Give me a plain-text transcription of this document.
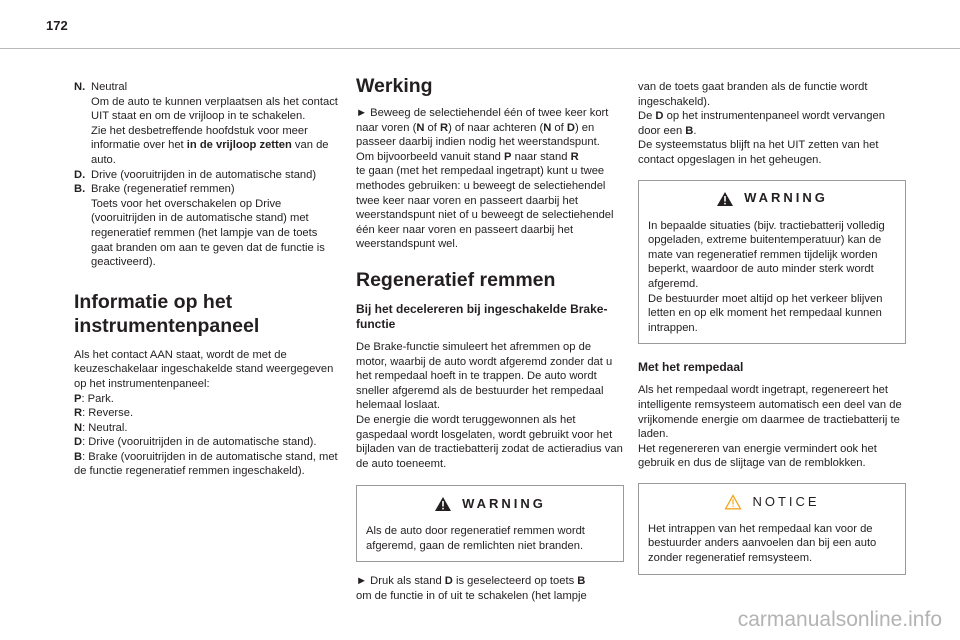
172
N. Neutral

Om de auto te kunnen verplaatsen als het contact UIT staat en om de vrijloop in te schakelen.

Zie het desbetreffende hoofdstuk voor meer informatie over het in de vrijloop zetten van de auto.

D. Drive (vooruitrijden in de automatische stand)

B. Brake (regeneratief remmen)

Toets voor het overschakelen op Drive (vooruitrijden in de automatische stand) met regeneratief remmen (het lampje van de toets gaat branden om aan te geven dat de functie is geactiveerd).

Informatie op het instrumentenpaneel

Als het contact AAN staat, wordt de met de keuzeschakelaar ingeschakelde stand weergegeven op het instrumentenpaneel:

P: Park.

R: Reverse.

N: Neutral.

D: Drive (vooruitrijden in de automatische stand).

B: Brake (vooruitrijden in de automatische stand, met de functie regeneratief remmen ingeschakeld).

Werking

► Beweeg de selectiehendel één of twee keer kort naar voren (N of R) of naar achteren (N of D) en passeer daarbij indien nodig het weerstandspunt.

Om bijvoorbeeld vanuit stand P naar stand R
te gaan (met het rempedaal ingetrapt) kunt u twee methodes gebruiken: u beweegt de selectiehendel twee keer naar voren en passeert daarbij het weerstandspunt niet of u beweegt de selectiehendel één keer naar voren en passeert daarbij het weerstandspunt wel.

Regeneratief remmen

Bij het decelereren bij ingeschakelde Brake-functie

De Brake-functie simuleert het afremmen op de motor, waarbij de auto wordt afgeremd zonder dat u het rempedaal hoeft in te trappen. De auto wordt sneller afgeremd als de bestuurder het rempedaal helemaal loslaat.

De energie die wordt teruggewonnen als het gaspedaal wordt losgelaten, wordt gebruikt voor het bijladen van de tractiebatterij zodat de actieradius van de auto toeneemt.

WARNING

Als de auto door regeneratief remmen wordt afgeremd, gaan de remlichten niet branden.

► Druk als stand D is geselecteerd op toets B
om de functie in of uit te schakelen (het lampje

van de toets gaat branden als de functie wordt ingeschakeld).

De D op het instrumentenpaneel wordt vervangen door een B.

De systeemstatus blijft na het UIT zetten van het contact opgeslagen in het geheugen.

WARNING

In bepaalde situaties (bijv. tractiebatterij volledig opgeladen, extreme buitentemperatuur) kan de mate van regeneratief remmen tijdelijk worden beperkt, waardoor de auto minder sterk wordt afgeremd.

De bestuurder moet altijd op het verkeer blijven letten en op elk moment het rempedaal kunnen intrappen.

Met het rempedaal

Als het rempedaal wordt ingetrapt, regenereert het intelligente remsysteem automatisch een deel van de vrijkomende energie om daarmee de tractiebatterij te laden.

Het regenereren van energie vermindert ook het gebruik en dus de slijtage van de remblokken.

NOTICE

Het intrappen van het rempedaal kan voor de bestuurder anders aanvoelen dan bij een auto zonder regeneratief remsysteem.

carmanualsonline.info
